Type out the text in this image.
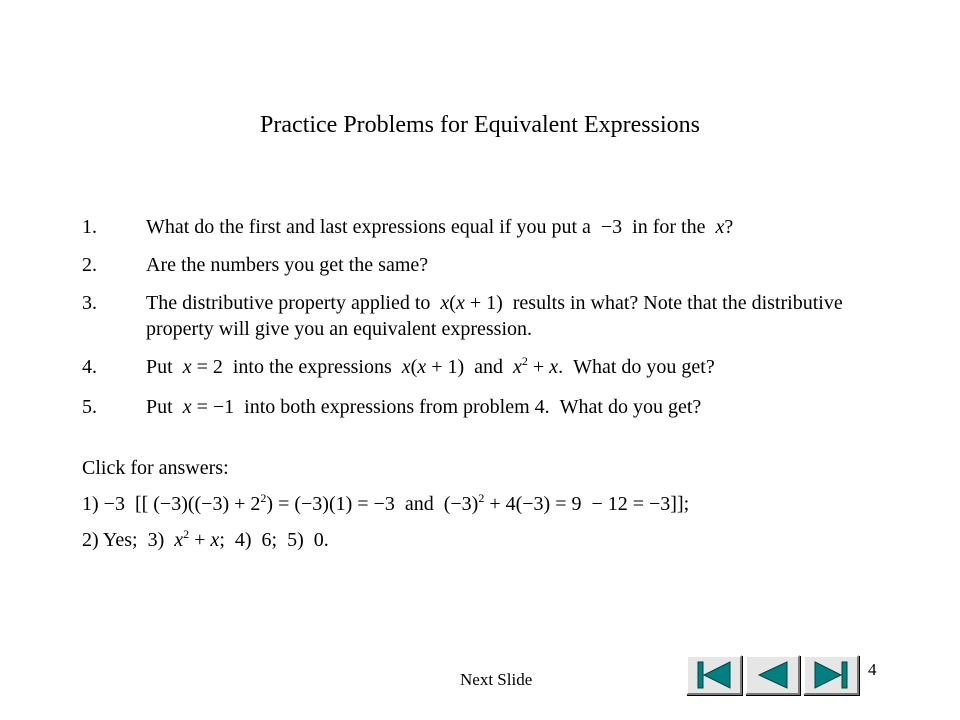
Practice Problems for Equivalent Expressions
1. What do the first and last expressions equal if you put a  −3  in for the  x?
2. Are the numbers you get the same?
3. The distributive property applied to  x(x + 1)  results in what? Note that the distributive property will give you an equivalent expression.
4. Put  x = 2  into the expressions  x(x + 1)  and  $x^2 + x$.  What do you get?
5. Put  x = −1  into both expressions from problem 4.  What do you get?
Click for answers:
1) −3  [[ $(-3)((-3) + 2^2) = (-3)(1) = -3$  and  $(-3)^2 + 4(-3) = 9 - 12 = -3$]];
2) Yes;  3)  $x^2 + x$;  4)  6;  5)  0.
Next Slide
4
